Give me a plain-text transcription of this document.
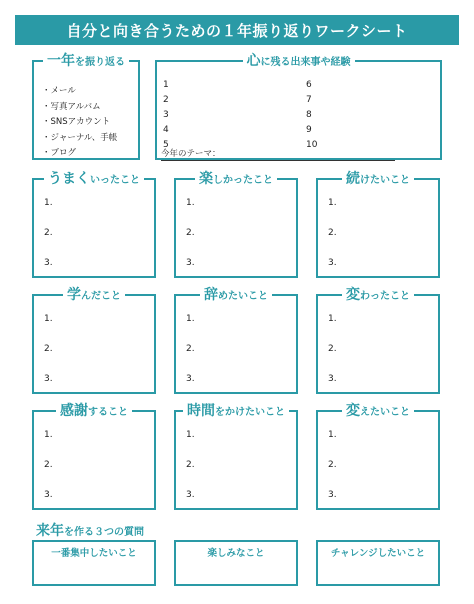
自分と向き合うための１年振り返りワークシート
一年を振り返る
・メール
・写真アルバム
・SNSアカウント
・ジャーナル、手帳
・ブログ
心に残る出来事や経験
1	6
2	7
3	8
4	9
5	10
今年のテーマ：
うまくいったこと
1.
2.
3.
楽しかったこと
1.
2.
3.
続けたいこと
1.
2.
3.
学んだこと
1.
2.
3.
辞めたいこと
1.
2.
3.
変わったこと
1.
2.
3.
感謝すること
1.
2.
3.
時間をかけたいこと
1.
2.
3.
変えたいこと
1.
2.
3.
来年を作る３つの質問
一番集中したいこと	楽しみなこと	チャレンジしたいこと
